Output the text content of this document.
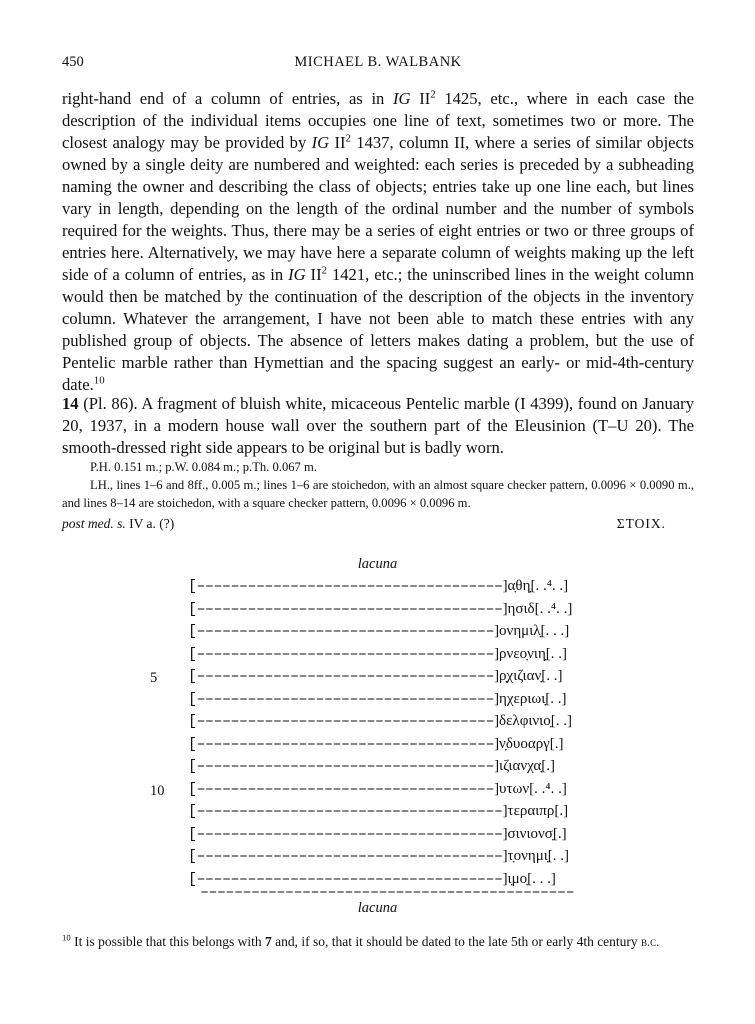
450	MICHAEL B. WALBANK

right-hand end of a column of entries, as in IG $II^2$ 1425, etc., where in each case the description of the individual items occupies one line of text, sometimes two or more. The closest analogy may be provided by IG $II^2$ 1437, column II, where a series of similar objects owned by a single deity are numbered and weighted: each series is preceded by a subheading naming the owner and describing the class of objects; entries take up one line each, but lines vary in length, depending on the length of the ordinal number and the number of symbols required for the weights. Thus, there may be a series of eight entries or two or three groups of entries here. Alternatively, we may have here a separate column of weights making up the left side of a column of entries, as in IG $II^2$ 1421, etc.; the uninscribed lines in the weight column would then be matched by the continuation of the description of the objects in the inventory column. Whatever the arrangement, I have not been able to match these entries with any published group of objects. The absence of letters makes dating a problem, but the use of Pentelic marble rather than Hymettian and the spacing suggest an early- or mid-4th-century date.$^{10}$

14 (Pl. 86). A fragment of bluish white, micaceous Pentelic marble (I 4399), found on January 20, 1937, in a modern house wall over the southern part of the Eleusinion (T–U 20). The smooth-dressed right side appears to be original but is badly worn.

P.H. 0.151 m.; p.W. 0.084 m.; p.Th. 0.067 m.

LH., lines 1–6 and 8ff., 0.005 m.; lines 1–6 are stoichedon, with an almost square checker pattern, 0.0096 × 0.0090 m., and lines 8–14 are stoichedon, with a square checker pattern, 0.0096 × 0.0096 m.

post med. s. IV a. (?)	ΣΤΟΙΧ.
lacuna
[––––––––––––––––––––––––––––––––––––]α̣θη̣[. .⁴. .]
[––––––––––––––––––––––––––––––––––––]ησιδ[. .⁴. .]
[–––––––––––––––––––––––––––––––––––]ονημιλ̣[. . .]
[–––––––––––––––––––––––––––––––––––]ρνεο̣νιη̣[. .]
[–––––––––––––––––––––––––––––––––––]ρ̣χιζιαν̣[. .]
5
[–––––––––––––––––––––––––––––––––––]ηχεριωι̣[. .]
[–––––––––––––––––––––––––––––––––––]δελφινιο̣[. .]
[–––––––––––––––––––––––––––––––––––]ν̣δυοαργ[.]
[–––––––––––––––––––––––––––––––––––]ιζιανχα̣[.]
[–––––––––––––––––––––––––––––––––––]υτων[. .⁴. .]
10
[––––––––––––––––––––––––––––––––––––]τεραιπρ[.]
[––––––––––––––––––––––––––––––––––––]σινιονσ̣[.]
[––––––––––––––––––––––––––––––––––––]τ̣ονημι̣[. .]
[––––––––––––––––––––––––––––––––––––]ι̣μο̣[. . .]
––––––––––––––––––––––––––––––––––––––––––––
lacuna

$^{10}$ It is possible that this belongs with 7 and, if so, that it should be dated to the late 5th or early 4th century b.c.
